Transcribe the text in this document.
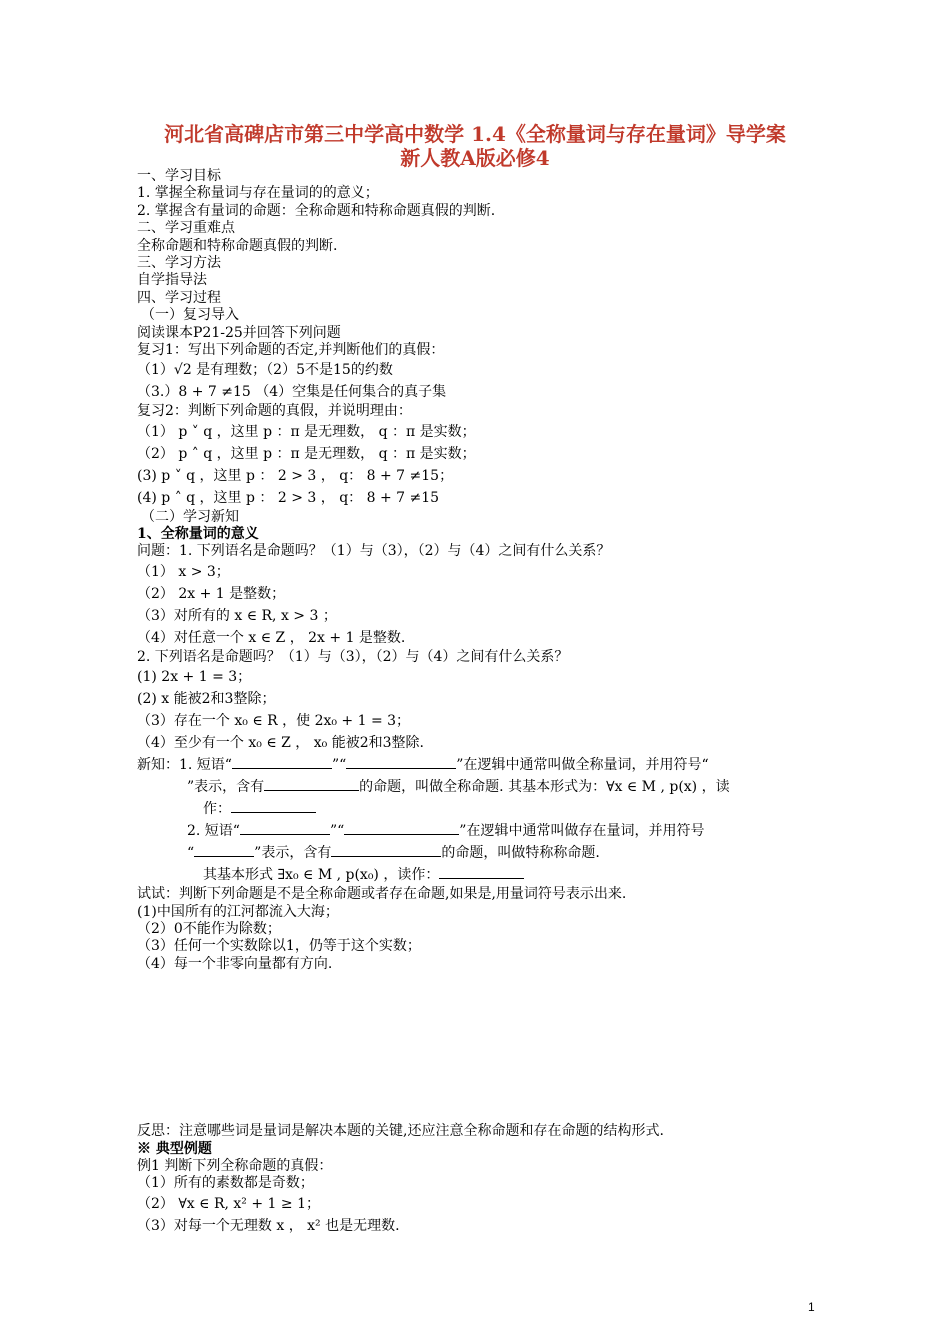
河北省高碑店市第三中学高中数学 1.4《全称量词与存在量词》导学案
新人教A版必修4
一、学习目标
1. 掌握全称量词与存在量词的的意义；
2. 掌握含有量词的命题：全称命题和特称命题真假的判断.
二、学习重难点
全称命题和特称命题真假的判断.
三、学习方法
自学指导法
四、学习过程
（一）复习导入
阅读课本P21-25并回答下列问题
复习1：写出下列命题的否定,并判断他们的真假：
（1）√2 是有理数；（2）5不是15的约数
（3.）8 + 7 ≠15 （4）空集是任何集合的真子集
复习2：判断下列命题的真假，并说明理由：
（1） p ˅ q ，这里 p ：π 是无理数， q ：π 是实数；
（2） p ˄ q ，这里 p ：π 是无理数， q ：π 是实数；
(3) p ˅ q ，这里 p ： 2 > 3 ， q： 8 + 7 ≠15；
(4) p ˄ q ，这里 p ： 2 > 3 ， q： 8 + 7 ≠15
（二）学习新知
1、全称量词的意义
问题：1. 下列语名是命题吗？（1）与（3），（2）与（4）之间有什么关系？
（1） x > 3；
（2） 2x + 1 是整数；
（3）对所有的 x ∈ R, x > 3 ；
（4）对任意一个 x ∈ Z ， 2x + 1 是整数.
2. 下列语名是命题吗？（1）与（3），（2）与（4）之间有什么关系？
(1) 2x + 1 = 3；
(2) x 能被2和3整除；
（3）存在一个 x₀ ∈ R ，使 2x₀ + 1 = 3；
（4）至少有一个 x₀ ∈ Z ， x₀ 能被2和3整除.
新知：1. 短语“	”“	”在逻辑中通常叫做全称量词，并用符号“
”表示，含有	的命题，叫做全称命题. 其基本形式为：∀x ∈ M , p(x) ，读
作：
2. 短语“	”“	”在逻辑中通常叫做存在量词，并用符号
“	”表示，含有	的命题，叫做特称称命题.
其基本形式 ∃x₀ ∈ M , p(x₀) ，读作：
试试：判断下列命题是不是全称命题或者存在命题,如果是,用量词符号表示出来.
(1)中国所有的江河都流入大海；
（2）0不能作为除数；
（3）任何一个实数除以1，仍等于这个实数；
（4）每一个非零向量都有方向.
反思：注意哪些词是量词是解决本题的关键,还应注意全称命题和存在命题的结构形式.
※ 典型例题
例1 判断下列全称命题的真假：
（1）所有的素数都是奇数；
（2） ∀x ∈ R, x² + 1 ≥ 1；
（3）对每一个无理数 x ， x² 也是无理数.
1
